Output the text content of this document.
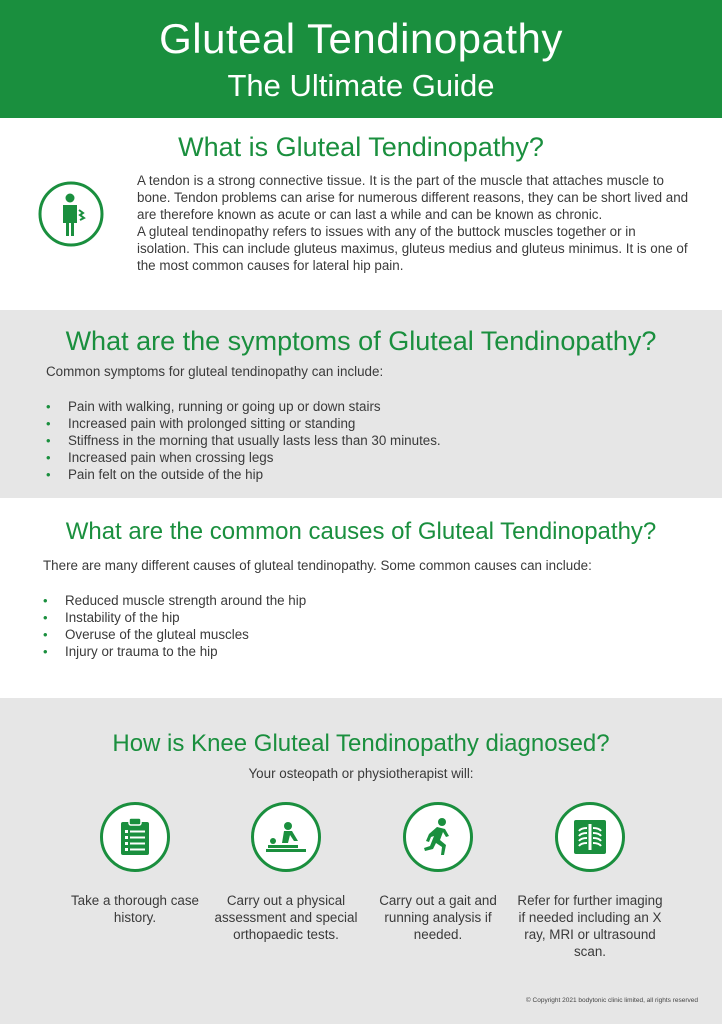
Gluteal Tendinopathy
The Ultimate Guide
What is Gluteal Tendinopathy?

A tendon is a strong connective tissue. It is the part of the muscle that attaches muscle to bone. Tendon problems can arise for numerous different reasons, they can be short lived and are therefore known as acute or can last a while and can be known as chronic.

A gluteal tendinopathy refers to issues with any of the buttock muscles together or in isolation. This can include gluteus maximus, gluteus medius and gluteus minimus. It is one of the most common causes for lateral hip pain.

What are the symptoms of Gluteal Tendinopathy?
Common symptoms for gluteal tendinopathy can include:
• Pain with walking, running or going up or down stairs
• Increased pain with prolonged sitting or standing
• Stiffness in the morning that usually lasts less than 30 minutes.
• Increased pain when crossing legs
• Pain felt on the outside of the hip
What are the common causes of Gluteal Tendinopathy?
There are many different causes of gluteal tendinopathy. Some common causes can include:
• Reduced muscle strength around the hip
• Instability of the hip
• Overuse of the gluteal muscles
• Injury or trauma to the hip
How is Knee Gluteal Tendinopathy diagnosed?
Your osteopath or physiotherapist will:
Take a thorough case history.
Carry out a physical assessment and special orthopaedic tests.
Carry out a gait and running analysis if needed.
Refer for further imaging if needed including an X ray, MRI or ultrasound scan.
© Copyright 2021 bodytonic clinic limited, all rights reserved
